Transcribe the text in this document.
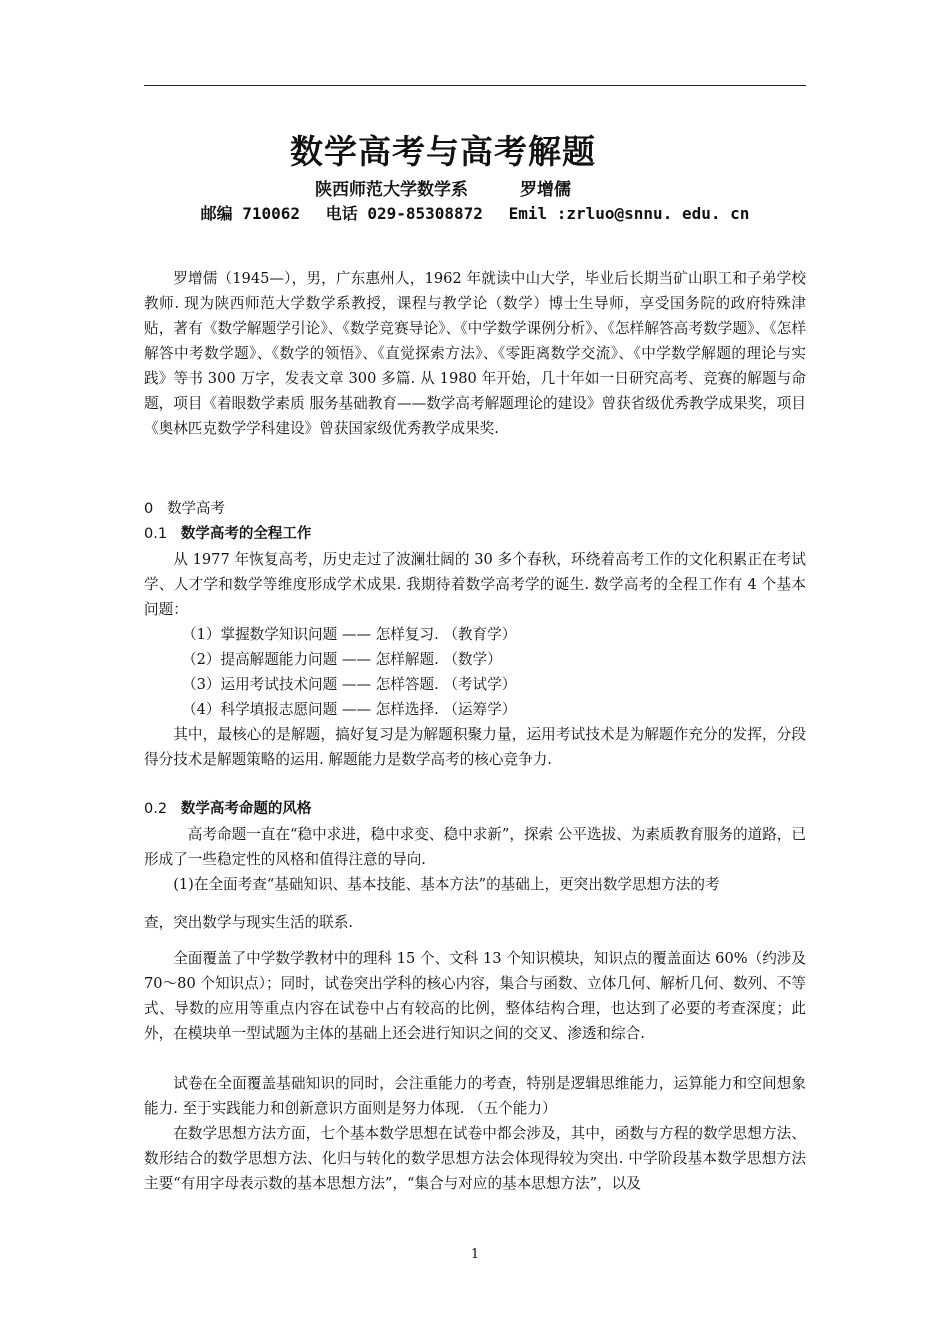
数学高考与高考解题
陕西师范大学数学系	罗增儒
邮编 710062 电话 029-85308872 Emil :zrluo@snnu. edu. cn
罗增儒（1945—），男，广东惠州人，1962 年就读中山大学，毕业后长期当矿山职工和子弟学校教师. 现为陕西师范大学数学系教授，课程与教学论（数学）博士生导师，享受国务院的政府特殊津贴，著有《数学解题学引论》、《数学竞赛导论》、《中学数学课例分析》、《怎样解答高考数学题》、《怎样解答中考数学题》、《数学的领悟》、《直觉探索方法》、《零距离数学交流》、《中学数学解题的理论与实践》等书 300 万字，发表文章 300 多篇. 从 1980 年开始，几十年如一日研究高考、竞赛的解题与命题，项目《着眼数学素质 服务基础教育——数学高考解题理论的建设》曾获省级优秀教学成果奖，项目《奥林匹克数学学科建设》曾获国家级优秀教学成果奖.
0 数学高考
0.1 数学高考的全程工作
从 1977 年恢复高考，历史走过了波澜壮阔的 30 多个春秋，环绕着高考工作的文化积累正在考试学、人才学和数学等维度形成学术成果. 我期待着数学高考学的诞生. 数学高考的全程工作有 4 个基本问题：
（1）掌握数学知识问题 —— 怎样复习. （教育学）
（2）提高解题能力问题 —— 怎样解题. （数学）
（3）运用考试技术问题 —— 怎样答题. （考试学）
（4）科学填报志愿问题 —— 怎样选择. （运筹学）
其中，最核心的是解题，搞好复习是为解题积聚力量，运用考试技术是为解题作充分的发挥，分段得分技术是解题策略的运用. 解题能力是数学高考的核心竞争力.
0.2 数学高考命题的风格
高考命题一直在“稳中求进，稳中求变、稳中求新”，探索 公平选拔、为素质教育服务的道路，已形成了一些稳定性的风格和值得注意的导向.
(1)在全面考查“基础知识、基本技能、基本方法”的基础上，更突出数学思想方法的考
查，突出数学与现实生活的联系.
全面覆盖了中学数学教材中的理科 15 个、文科 13 个知识模块，知识点的覆盖面达 60%（约涉及 70～80 个知识点）；同时，试卷突出学科的核心内容，集合与函数、立体几何、解析几何、数列、不等式、导数的应用等重点内容在试卷中占有较高的比例，整体结构合理，也达到了必要的考查深度；此外，在模块单一型试题为主体的基础上还会进行知识之间的交叉、渗透和综合.
试卷在全面覆盖基础知识的同时，会注重能力的考查，特别是逻辑思维能力，运算能力和空间想象能力. 至于实践能力和创新意识方面则是努力体现. （五个能力）
在数学思想方法方面，七个基本数学思想在试卷中都会涉及，其中，函数与方程的数学思想方法、数形结合的数学思想方法、化归与转化的数学思想方法会体现得较为突出. 中学阶段基本数学思想方法主要“有用字母表示数的基本思想方法”，“集合与对应的基本思想方法”，以及
1
